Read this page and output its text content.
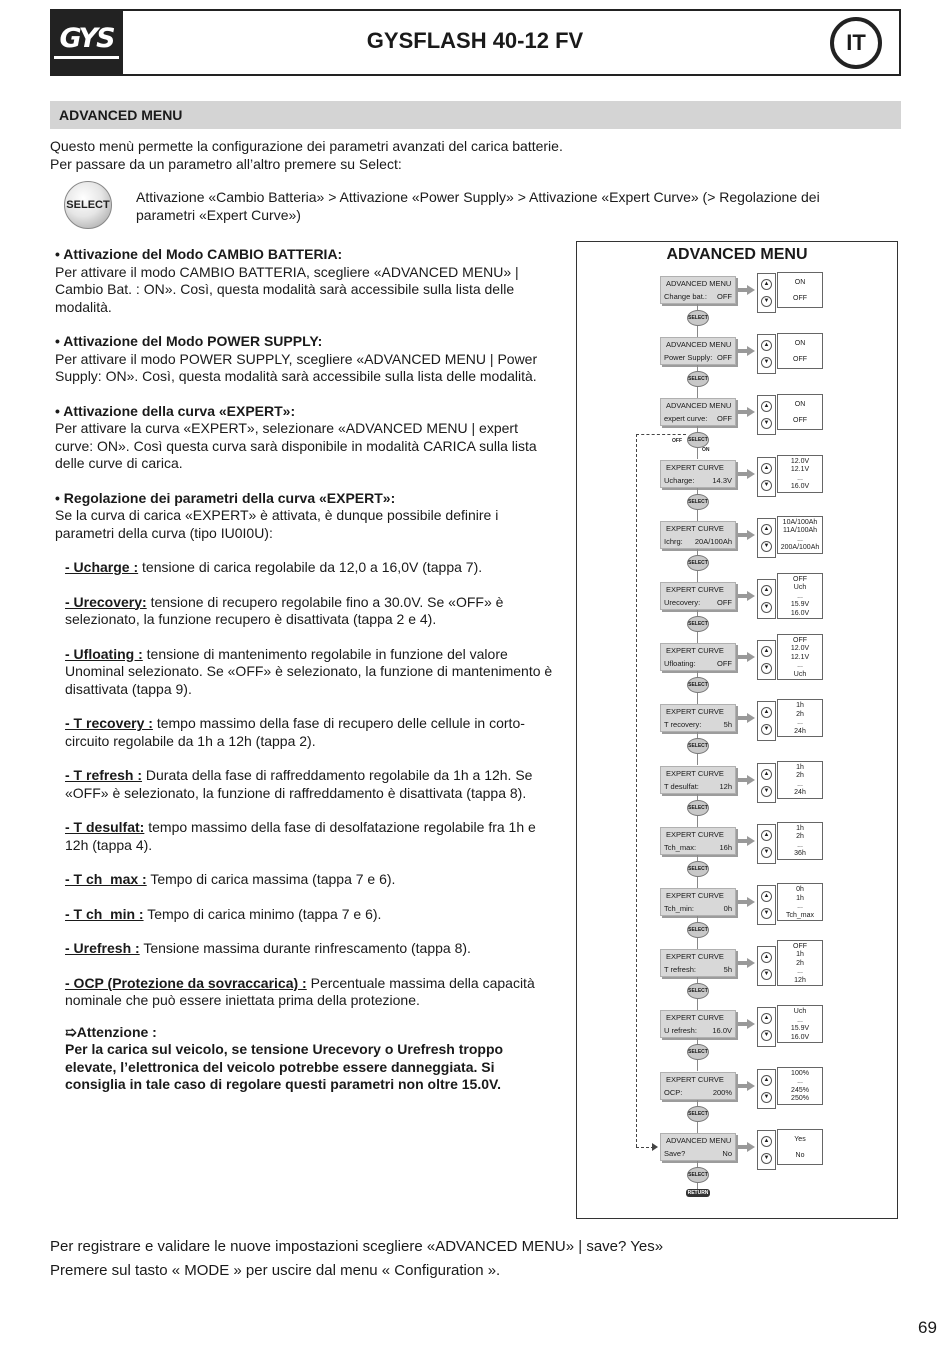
GYS	GYSFLASH 40-12 FV	IT
ADVANCED MENU
Questo menù permette la configurazione dei parametri avanzati del carica batterie.
Per passare da un parametro all’altro premere su Select:
SELECT Attivazione «Cambio Batteria» > Attivazione «Power Supply» > Attivazione «Expert Curve» (> Regolazione dei parametri «Expert Curve»)
• Attivazione del Modo CAMBIO BATTERIA:
Per attivare il modo CAMBIO BATTERIA, scegliere «ADVANCED MENU» | Cambio Bat. : ON». Così, questa modalità sarà accessibile sulla lista delle modalità.
• Attivazione del Modo POWER SUPPLY:
Per attivare il modo POWER SUPPLY, scegliere «ADVANCED MENU | Power Supply: ON». Così, questa modalità sarà accessibile sulla lista delle modalità.
• Attivazione della curva «EXPERT»:
Per attivare la curva «EXPERT», selezionare «ADVANCED MENU | expert curve: ON». Così questa curva sarà disponibile in modalità CARICA sulla lista delle curve di carica.
• Regolazione dei parametri della curva «EXPERT»:
Se la curva di carica «EXPERT» è attivata, è dunque possibile definire i parametri della curva (tipo IU0I0U):
- Ucharge : tensione di carica regolabile da 12,0 a 16,0V (tappa 7).
- Urecovery: tensione di recupero regolabile fino a 30.0V. Se «OFF» è selezionato, la funzione recupero è disattivata (tappa 2 e 4).
- Ufloating : tensione di mantenimento regolabile in funzione del valore Unominal selezionato. Se «OFF» è selezionato, la funzione di mantenimento è disattivata (tappa 9).
- T recovery : tempo massimo della fase di recupero delle cellule in corto-circuito regolabile da 1h a 12h (tappa 2).
- T refresh : Durata della fase di raffreddamento regolabile da 1h a 12h. Se «OFF» è selezionato, la funzione di raffreddamento è disattivata (tappa 8).
- T desulfat: tempo massimo della fase di desolfatazione regolabile fra 1h e 12h (tappa 4).
- T ch_max : Tempo di carica massima (tappa 7 e 6).
- T ch_min : Tempo di carica minimo (tappa 7 e 6).
- Urefresh : Tensione massima durante rinfrescamento (tappa 8).
- OCP (Protezione da sovraccarica) : Percentuale massima della capacità nominale che può essere iniettata prima della protezione.
➯Attenzione :
Per la carica sul veicolo, se tensione Urecevory o Urefresh troppo elevate, l’elettronica del veicolo potrebbe essere danneggiata. Si consiglia in tale caso di regolare questi parametri non oltre 15.0V.
ADVANCED MENU
ADVANCED MENU
Change bat.: OFF
▲
▼
ON
OFF
SELECT
ADVANCED MENU
Power Supply: OFF
▲
▼
ON
OFF
SELECT
ADVANCED MENU
expert curve: OFF
▲
▼
ON
OFF
SELECT
EXPERT CURVE
Ucharge: 14.3V
▲
▼
12.0V
12.1V
...
16.0V
SELECT
EXPERT CURVE
Ichrg: 20A/100Ah
▲
▼
10A/100Ah
11A/100Ah
...
200A/100Ah
SELECT
EXPERT CURVE
Urecovery: OFF
▲
▼
OFF
Uch
...
15.9V
16.0V
SELECT
EXPERT CURVE
Ufloating:	OFF
▲
▼
OFF
12.0V
12.1V
...
Uch
SELECT
EXPERT CURVE
T recovery:	5h
▲
▼
1h
2h
...
24h
SELECT
EXPERT CURVE
T desulfat:	12h
▲
▼
1h
2h
...
24h
SELECT
EXPERT CURVE
Tch_max:	16h
▲
▼
1h
2h
...
36h
SELECT
EXPERT CURVE
Tch_min:	0h
▲
▼
0h
1h
...
Tch_max
SELECT
EXPERT CURVE
T refresh:	5h
▲
▼
OFF
1h
2h
...
12h
SELECT
EXPERT CURVE
U refresh: 16.0V
▲
▼
Uch
...
15.9V
16.0V
SELECT
EXPERT CURVE
OCP:	200%
▲
▼
100%
...
245%
250%
SELECT
ADVANCED MENU
Save?	No
▲
▼
Yes
No
SELECT
RETURN
OFF
ON
Per registrare e validare le nuove impostazioni scegliere «ADVANCED MENU» | save? Yes»
Premere sul tasto « MODE » per uscire dal menu « Configuration ».
69
